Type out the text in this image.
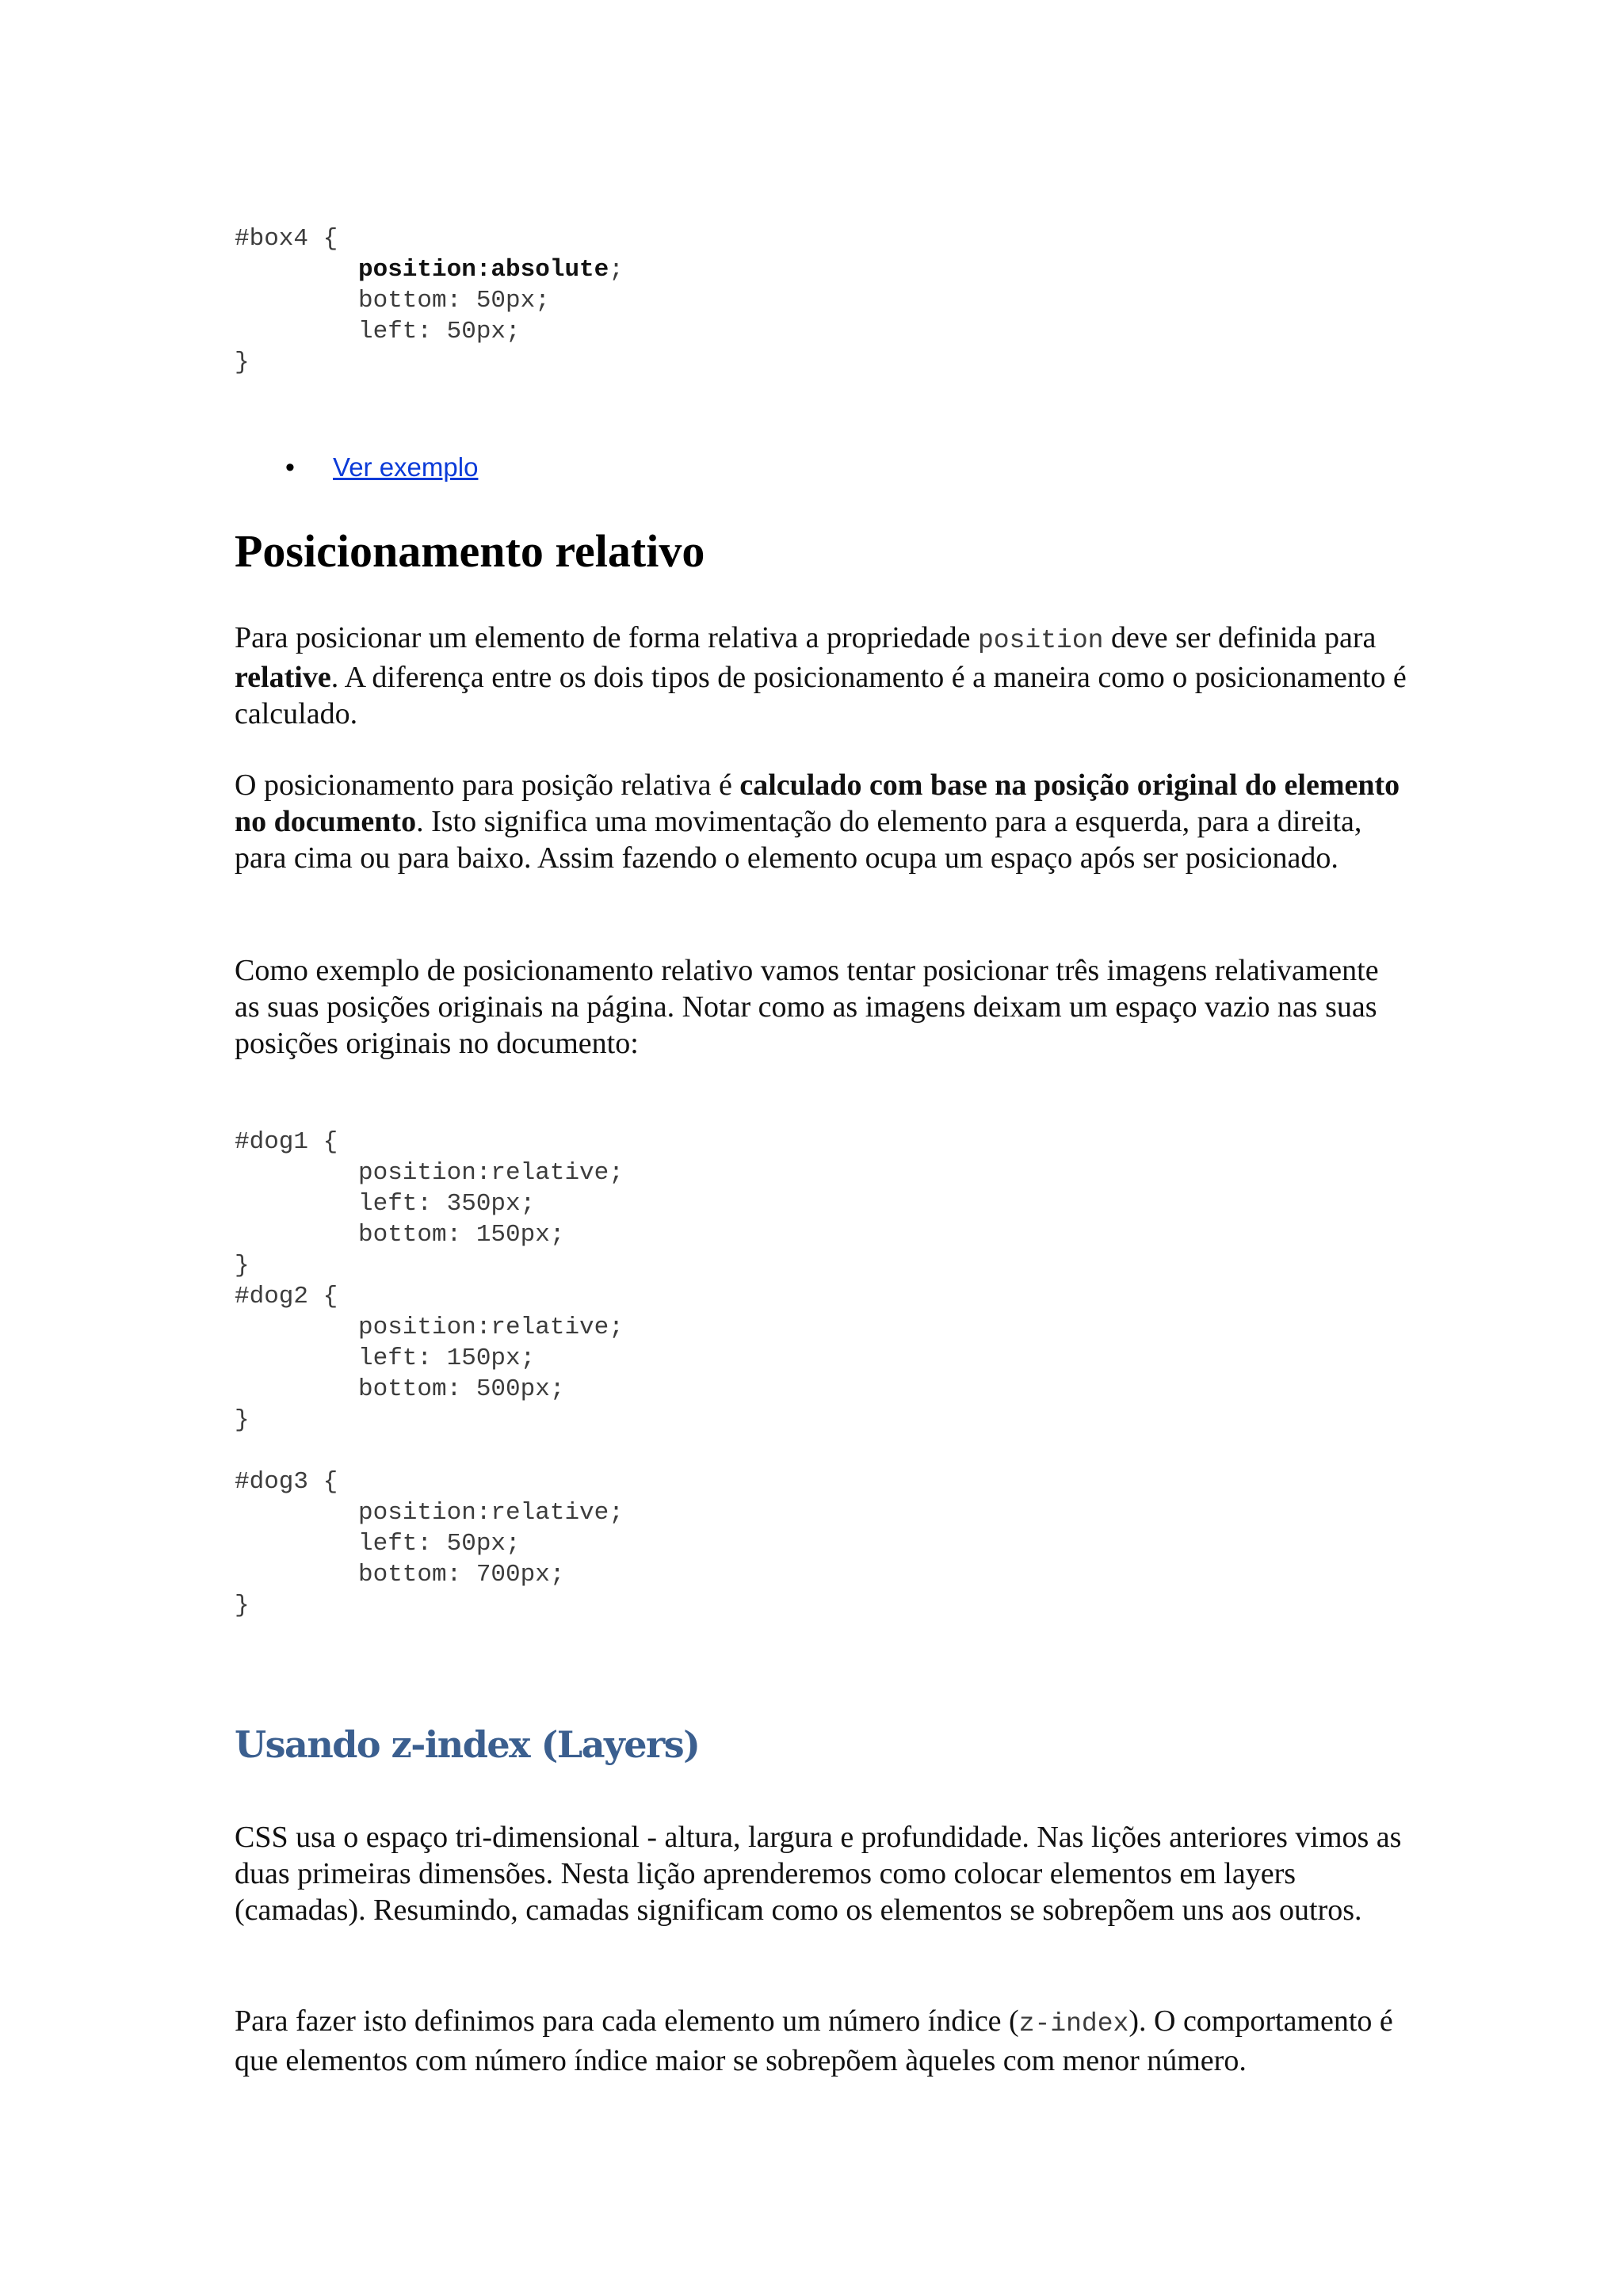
#box4 {

position:absolute;
bottom: 50px;
left: 50px;
}
• Ver exemplo
Posicionamento relativo

Para posicionar um elemento de forma relativa a propriedade position deve ser definida para relative. A diferença entre os dois tipos de posicionamento é a maneira como o posicionamento é calculado.

O posicionamento para posição relativa é calculado com base na posição original do elemento no documento. Isto significa uma movimentação do elemento para a esquerda, para a direita, para cima ou para baixo. Assim fazendo o elemento ocupa um espaço após ser posicionado.

Como exemplo de posicionamento relativo vamos tentar posicionar três imagens relativamente as suas posições originais na página. Notar como as imagens deixam um espaço vazio nas suas posições originais no documento:

#dog1 {

position:relative;
left: 350px;
bottom: 150px;
}
#dog2 {

position:relative;
left: 150px;
bottom: 500px;
}

#dog3 {

position:relative;
left: 50px;
bottom: 700px;
}
Usando z-index (Layers)

CSS usa o espaço tri-dimensional - altura, largura e profundidade. Nas lições anteriores vimos as duas primeiras dimensões. Nesta lição aprenderemos como colocar elementos em layers (camadas). Resumindo, camadas significam como os elementos se sobrepõem uns aos outros.

Para fazer isto definimos para cada elemento um número índice (z-index). O comportamento é que elementos com número índice maior se sobrepõem àqueles com menor número.
